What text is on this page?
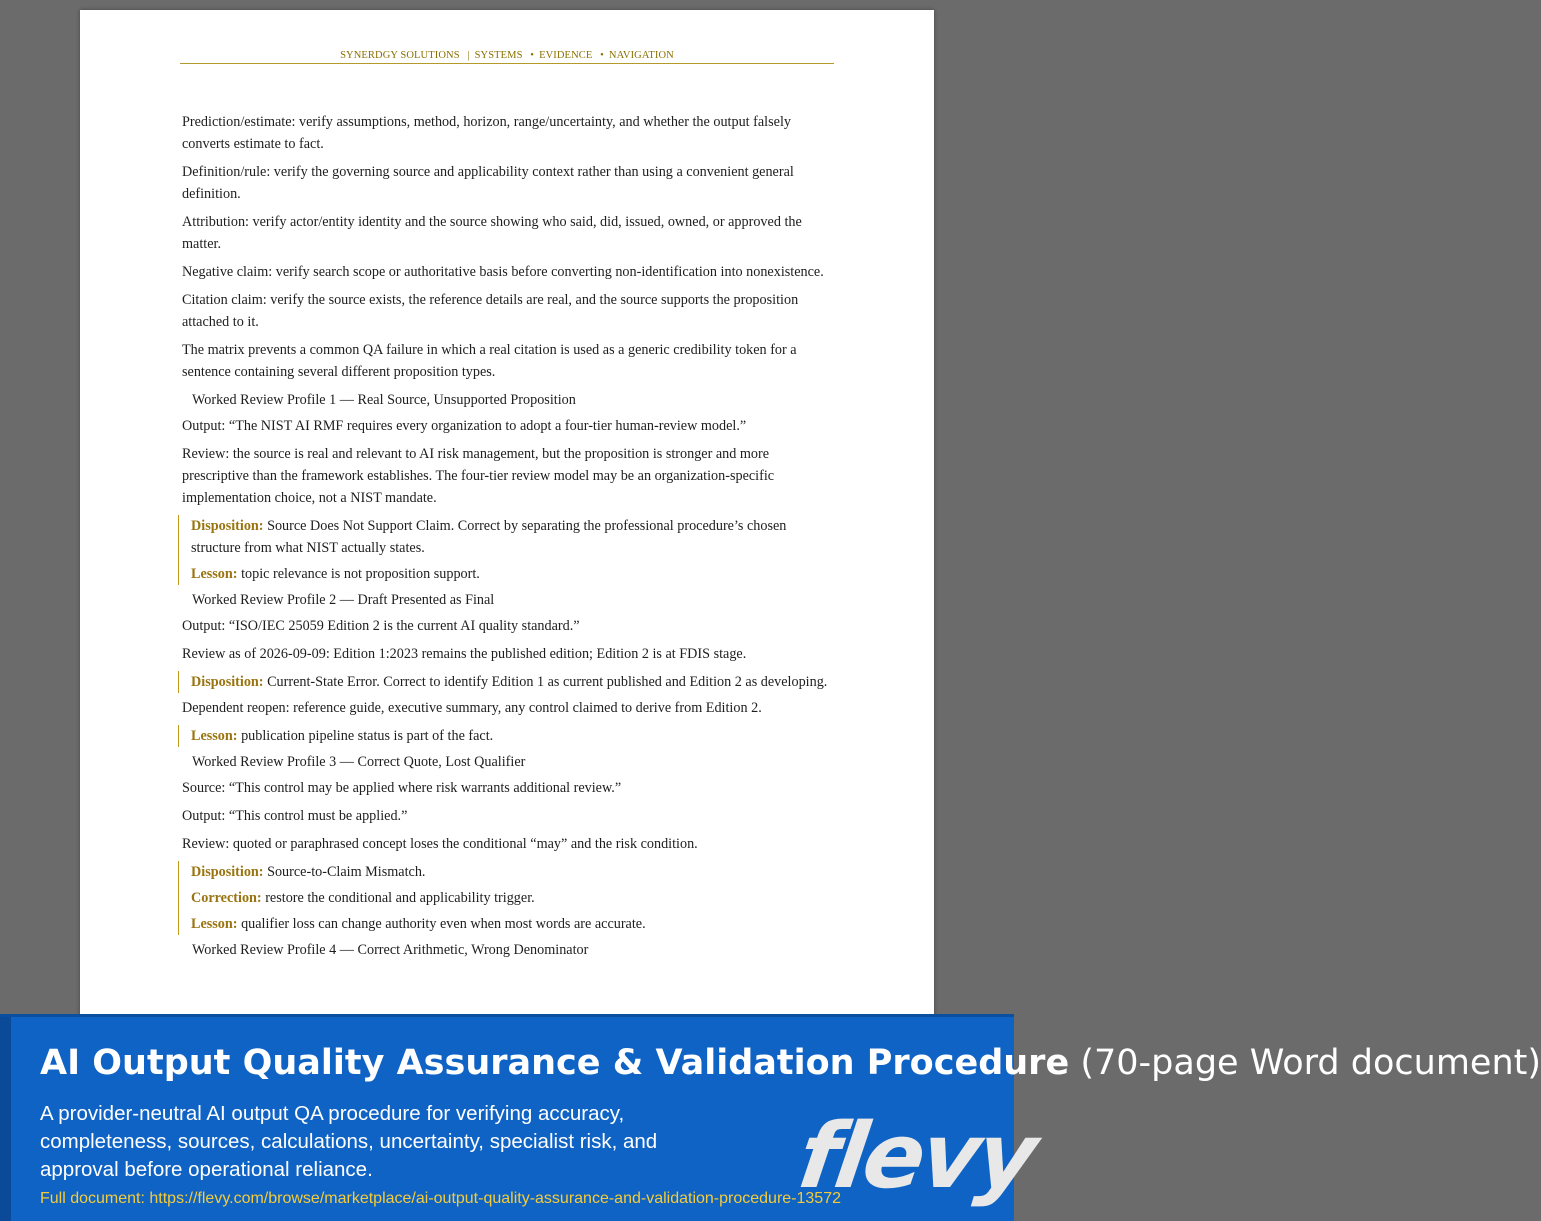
SYNERDGY SOLUTIONS | SYSTEMS • EVIDENCE • NAVIGATION

Prediction/estimate: verify assumptions, method, horizon, range/uncertainty, and whether the output falsely converts estimate to fact.

Definition/rule: verify the governing source and applicability context rather than using a convenient general definition.

Attribution: verify actor/entity identity and the source showing who said, did, issued, owned, or approved the matter.

Negative claim: verify search scope or authoritative basis before converting non-identification into nonexistence.

Citation claim: verify the source exists, the reference details are real, and the source supports the proposition attached to it.

The matrix prevents a common QA failure in which a real citation is used as a generic credibility token for a sentence containing several different proposition types.

Worked Review Profile 1 — Real Source, Unsupported Proposition

Output: “The NIST AI RMF requires every organization to adopt a four-tier human-review model.”

Review: the source is real and relevant to AI risk management, but the proposition is stronger and more prescriptive than the framework establishes. The four-tier review model may be an organization-specific implementation choice, not a NIST mandate.

Disposition: Source Does Not Support Claim. Correct by separating the professional procedure’s chosen structure from what NIST actually states.
Lesson: topic relevance is not proposition support.

Worked Review Profile 2 — Draft Presented as Final

Output: “ISO/IEC 25059 Edition 2 is the current AI quality standard.”

Review as of 2026-09-09: Edition 1:2023 remains the published edition; Edition 2 is at FDIS stage.

Disposition: Current-State Error. Correct to identify Edition 1 as current published and Edition 2 as developing.

Dependent reopen: reference guide, executive summary, any control claimed to derive from Edition 2.

Lesson: publication pipeline status is part of the fact.

Worked Review Profile 3 — Correct Quote, Lost Qualifier

Source: “This control may be applied where risk warrants additional review.”

Output: “This control must be applied.”

Review: quoted or paraphrased concept loses the conditional “may” and the risk condition.

Disposition: Source-to-Claim Mismatch.
Correction: restore the conditional and applicability trigger.
Lesson: qualifier loss can change authority even when most words are accurate.

Worked Review Profile 4 — Correct Arithmetic, Wrong Denominator

AI Output Quality Assurance & Validation Procedure (70-page Word document)
A provider-neutral AI output QA procedure for verifying accuracy, completeness, sources, calculations, uncertainty, specialist risk, and approval before operational reliance.
Full document: https://flevy.com/browse/marketplace/ai-output-quality-assurance-and-validation-procedure-13572
flevy
